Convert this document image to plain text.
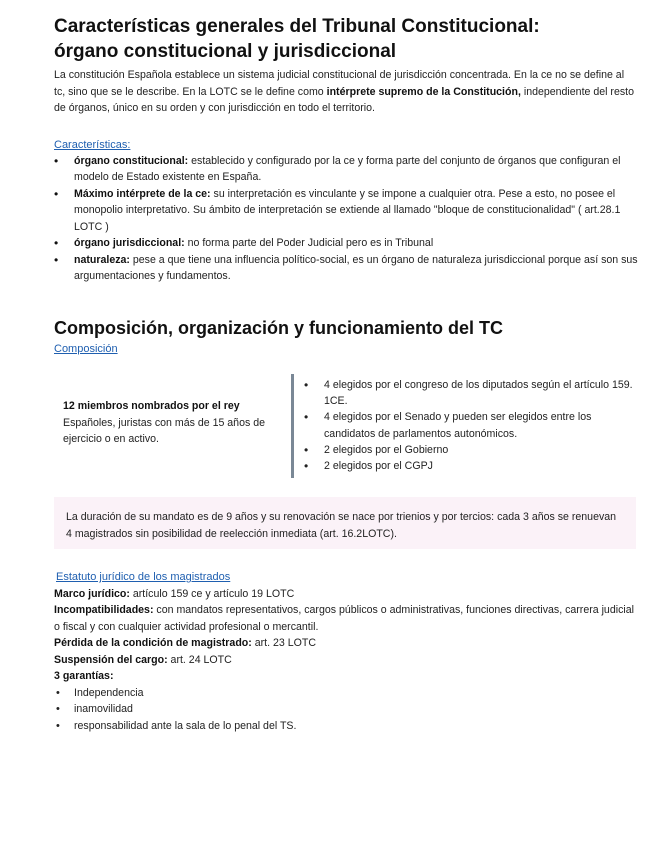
Características generales del Tribunal Constitucional:
órgano constitucional y jurisdiccional
La constitución Española establece un sistema judicial constitucional de jurisdicción concentrada. En la ce no se define al tc, sino que se le describe. En la LOTC se le define como intérprete supremo de la Constitución, independiente del resto de órganos, único en su orden y con jurisdicción en todo el territorio.
Características:
• órgano constitucional: establecido y configurado por la ce y forma parte del conjunto de órganos que configuran el modelo de Estado existente en España.
• Máximo intérprete de la ce: su interpretación es vinculante y se impone a cualquier otra. Pese a esto, no posee el monopolio interpretativo. Su ámbito de interpretación se extiende al llamado "bloque de constitucionalidad" ( art.28.1 LOTC )
• órgano jurisdiccional: no forma parte del Poder Judicial pero es in Tribunal
• naturaleza: pese a que tiene una influencia político-social, es un órgano de naturaleza jurisdiccional porque así son sus argumentaciones y fundamentos.
Composición, organización y funcionamiento del TC
Composición
12 miembros nombrados por el rey
Españoles, juristas con más de 15 años de ejercicio o en activo.
• 4 elegidos por el congreso de los diputados según el artículo 159. 1CE.
• 4 elegidos por el Senado y pueden ser elegidos entre los candidatos de parlamentos autonómicos.
• 2 elegidos por el Gobierno
• 2 elegidos por el CGPJ

La duración de su mandato es de 9 años y su renovación se nace por trienios y por tercios: cada 3 años se renuevan 4 magistrados sin posibilidad de reelección inmediata (art. 16.2LOTC).

Estatuto jurídico de los magistrados

Marco jurídico: artículo 159 ce y artículo 19 LOTC

Incompatibilidades: con mandatos representativos, cargos públicos o administrativas, funciones directivas, carrera judicial o fiscal y con cualquier actividad profesional o mercantil.

Pérdida de la condición de magistrado: art. 23 LOTC

Suspensión del cargo: art. 24 LOTC

3 garantías:

• Independencia
• inamovilidad
• responsabilidad ante la sala de lo penal del TS.
